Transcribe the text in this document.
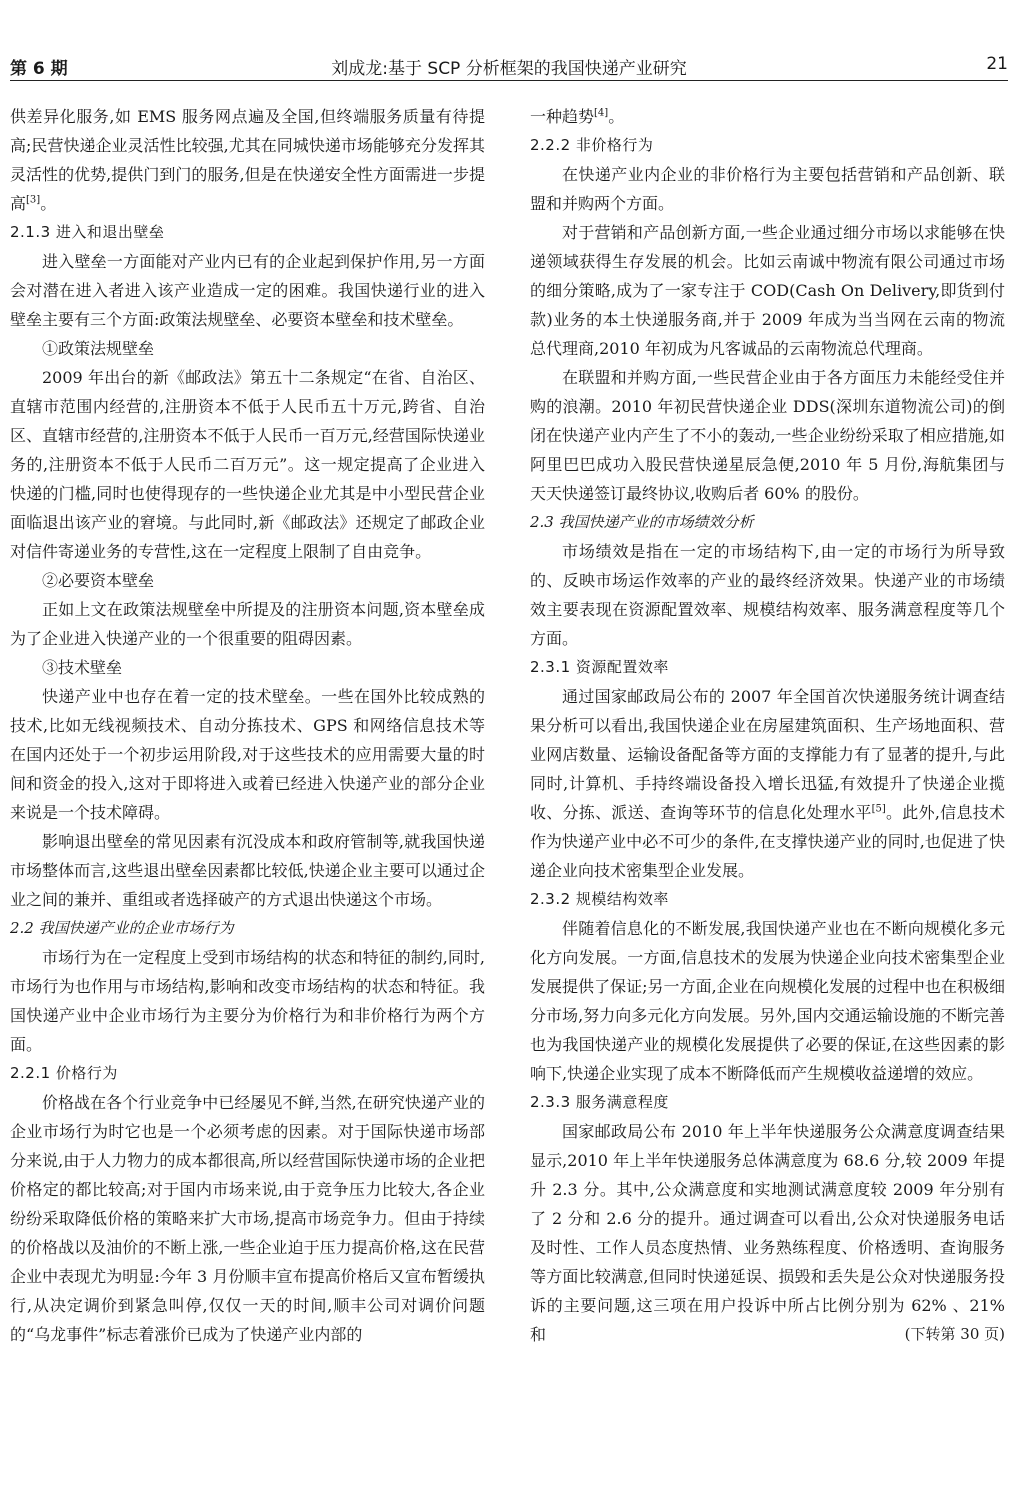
第 6 期	刘成龙:基于 SCP 分析框架的我国快递产业研究	21

供差异化服务,如 EMS 服务网点遍及全国,但终端服务质量有待提高;民营快递企业灵活性比较强,尤其在同城快递市场能够充分发挥其灵活性的优势,提供门到门的服务,但是在快递安全性方面需进一步提高[3]。

2.1.3 进入和退出壁垒

进入壁垒一方面能对产业内已有的企业起到保护作用,另一方面会对潜在进入者进入该产业造成一定的困难。我国快递行业的进入壁垒主要有三个方面:政策法规壁垒、必要资本壁垒和技术壁垒。

①政策法规壁垒

2009 年出台的新《邮政法》第五十二条规定“在省、自治区、直辖市范围内经营的,注册资本不低于人民币五十万元,跨省、自治区、直辖市经营的,注册资本不低于人民币一百万元,经营国际快递业务的,注册资本不低于人民币二百万元”。这一规定提高了企业进入快递的门槛,同时也使得现存的一些快递企业尤其是中小型民营企业面临退出该产业的窘境。与此同时,新《邮政法》还规定了邮政企业对信件寄递业务的专营性,这在一定程度上限制了自由竞争。

②必要资本壁垒

正如上文在政策法规壁垒中所提及的注册资本问题,资本壁垒成为了企业进入快递产业的一个很重要的阻碍因素。

③技术壁垒

快递产业中也存在着一定的技术壁垒。一些在国外比较成熟的技术,比如无线视频技术、自动分拣技术、GPS 和网络信息技术等在国内还处于一个初步运用阶段,对于这些技术的应用需要大量的时间和资金的投入,这对于即将进入或着已经进入快递产业的部分企业来说是一个技术障碍。

影响退出壁垒的常见因素有沉没成本和政府管制等,就我国快递市场整体而言,这些退出壁垒因素都比较低,快递企业主要可以通过企业之间的兼并、重组或者选择破产的方式退出快递这个市场。

2.2 我国快递产业的企业市场行为

市场行为在一定程度上受到市场结构的状态和特征的制约,同时,市场行为也作用与市场结构,影响和改变市场结构的状态和特征。我国快递产业中企业市场行为主要分为价格行为和非价格行为两个方面。

2.2.1 价格行为

价格战在各个行业竞争中已经屡见不鲜,当然,在研究快递产业的企业市场行为时它也是一个必须考虑的因素。对于国际快递市场部分来说,由于人力物力的成本都很高,所以经营国际快递市场的企业把价格定的都比较高;对于国内市场来说,由于竞争压力比较大,各企业纷纷采取降低价格的策略来扩大市场,提高市场竞争力。但由于持续的价格战以及油价的不断上涨,一些企业迫于压力提高价格,这在民营企业中表现尤为明显:今年 3 月份顺丰宣布提高价格后又宣布暂缓执行,从决定调价到紧急叫停,仅仅一天的时间,顺丰公司对调价问题的“乌龙事件”标志着涨价已成为了快递产业内部的

一种趋势[4]。

2.2.2 非价格行为

在快递产业内企业的非价格行为主要包括营销和产品创新、联盟和并购两个方面。

对于营销和产品创新方面,一些企业通过细分市场以求能够在快递领域获得生存发展的机会。比如云南诚中物流有限公司通过市场的细分策略,成为了一家专注于 COD(Cash On Delivery,即货到付款)业务的本土快递服务商,并于 2009 年成为当当网在云南的物流总代理商,2010 年初成为凡客诚品的云南物流总代理商。

在联盟和并购方面,一些民营企业由于各方面压力未能经受住并购的浪潮。2010 年初民营快递企业 DDS(深圳东道物流公司)的倒闭在快递产业内产生了不小的轰动,一些企业纷纷采取了相应措施,如阿里巴巴成功入股民营快递星辰急便,2010 年 5 月份,海航集团与天天快递签订最终协议,收购后者 60% 的股份。

2.3 我国快递产业的市场绩效分析

市场绩效是指在一定的市场结构下,由一定的市场行为所导致的、反映市场运作效率的产业的最终经济效果。快递产业的市场绩效主要表现在资源配置效率、规模结构效率、服务满意程度等几个方面。

2.3.1 资源配置效率

通过国家邮政局公布的 2007 年全国首次快递服务统计调查结果分析可以看出,我国快递企业在房屋建筑面积、生产场地面积、营业网店数量、运输设备配备等方面的支撑能力有了显著的提升,与此同时,计算机、手持终端设备投入增长迅猛,有效提升了快递企业揽收、分拣、派送、查询等环节的信息化处理水平[5]。此外,信息技术作为快递产业中必不可少的条件,在支撑快递产业的同时,也促进了快递企业向技术密集型企业发展。

2.3.2 规模结构效率

伴随着信息化的不断发展,我国快递产业也在不断向规模化多元化方向发展。一方面,信息技术的发展为快递企业向技术密集型企业发展提供了保证;另一方面,企业在向规模化发展的过程中也在积极细分市场,努力向多元化方向发展。另外,国内交通运输设施的不断完善也为我国快递产业的规模化发展提供了必要的保证,在这些因素的影响下,快递企业实现了成本不断降低而产生规模收益递增的效应。

2.3.3 服务满意程度

国家邮政局公布 2010 年上半年快递服务公众满意度调查结果显示,2010 年上半年快递服务总体满意度为 68.6 分,较 2009 年提升 2.3 分。其中,公众满意度和实地测试满意度较 2009 年分别有了 2 分和 2.6 分的提升。通过调查可以看出,公众对快递服务电话及时性、工作人员态度热情、业务熟练程度、价格透明、查询服务等方面比较满意,但同时快递延误、损毁和丢失是公众对快递服务投诉的主要问题,这三项在用户投诉中所占比例分别为 62% 、21% 和	(下转第 30 页)
